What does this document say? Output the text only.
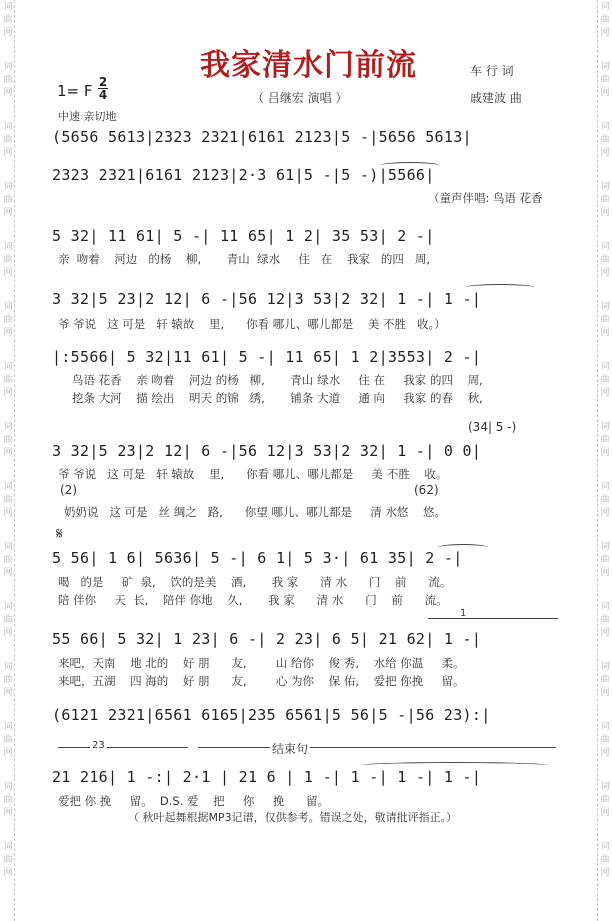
词
曲
网
词
曲
网
词
曲
网
词
曲
网
词
曲
网
词
曲
网
词
曲
网
词
曲
网
词
曲
网
词
曲
网
词
曲
网
词
曲
网
词
曲
网
词
曲
网
词
曲
网
词
曲
网
词
曲
网
词
曲
网
词
曲
网
词
曲
网
词
曲
网
词
曲
网
词
曲
网
词
曲
网
词
曲
网
词
曲
网
词
曲
网
词
曲
网
词
曲
网
词
曲
网
我家清水门前流	车 行 词
戚建波 曲
（ 吕继宏 演唱 ）
1= F 2
4
中速 亲切地
(5656 5613|2323 2321|6161 2123|5 -|5656 5613|
2323 2321|6161 2123|2·3 61|5 -|5 -)|5566|
（童声伴唱: 鸟语 花香
5 32| 11 61| 5 -| 11 65| 1 2| 35 53| 2 -|
亲  吻着    河边   的杨    柳,       青山  绿水     住   在    我家   的四   周,
3 32|5 23|2 12| 6 -|56 12|3 53|2 32| 1 -| 1 -|
爷 爷说   这 可是   轩 辕故    里,      你看 哪儿、哪儿都是    美 不胜   收。）
|:5566| 5 32|11 61| 5 -| 11 65| 1 2|3553| 2 -|
鸟语 花香    亲 吻着    河边 的杨   柳,       青山 绿水     住 在     我家 的四    周,
挖条 大河    描 绘出    明天 的锦   绣,       铺条 大道     通 向     我家 的春    秋,
(34| 5 -)
3 32|5 23|2 12| 6 -|56 12|3 53|2 32| 1 -| 0 0|
爷 爷说   这 可是   轩 辕故    里,      你看 哪儿、哪儿都是     美 不胜    收。
(2)	(62)
奶奶说   这 可是   丝 绸之   路,      你望 哪儿、哪儿都是     清 水悠    悠。
𝄋
5 56| 1 6| 5636| 5 -| 6 1| 5 3·| 61 35| 2 -|
喝   的是     矿  泉,    饮的是美    酒,       我 家      清 水      门    前      流。
陪 伴你     天  长,    陪伴 你地    久,       我 家      清 水      门    前      流。
1
55 66| 5 32| 1 23| 6 -| 2 23| 6 5| 21 62| 1 -|
来吧，天南    地 北的    好 朋      友,        山 给你    俊 秀,    水给 你温     柔。
来吧，五湖    四 海的    好 朋      友,        心 为你    保 佑,    爱把 你挽     留。
(6121 2321|6561 6165|235 6561|5 56|5 -|56 23):|
23	结束句
21 216| 1 -:| 2·1 | 21 6 | 1 -| 1 -| 1 -| 1 -|
爱把 你 挽     留。  D.S. 爱    把     你     挽      留。
（ 秋叶起舞根据MP3记谱，仅供参考。错误之处，敬请批评指正。）
